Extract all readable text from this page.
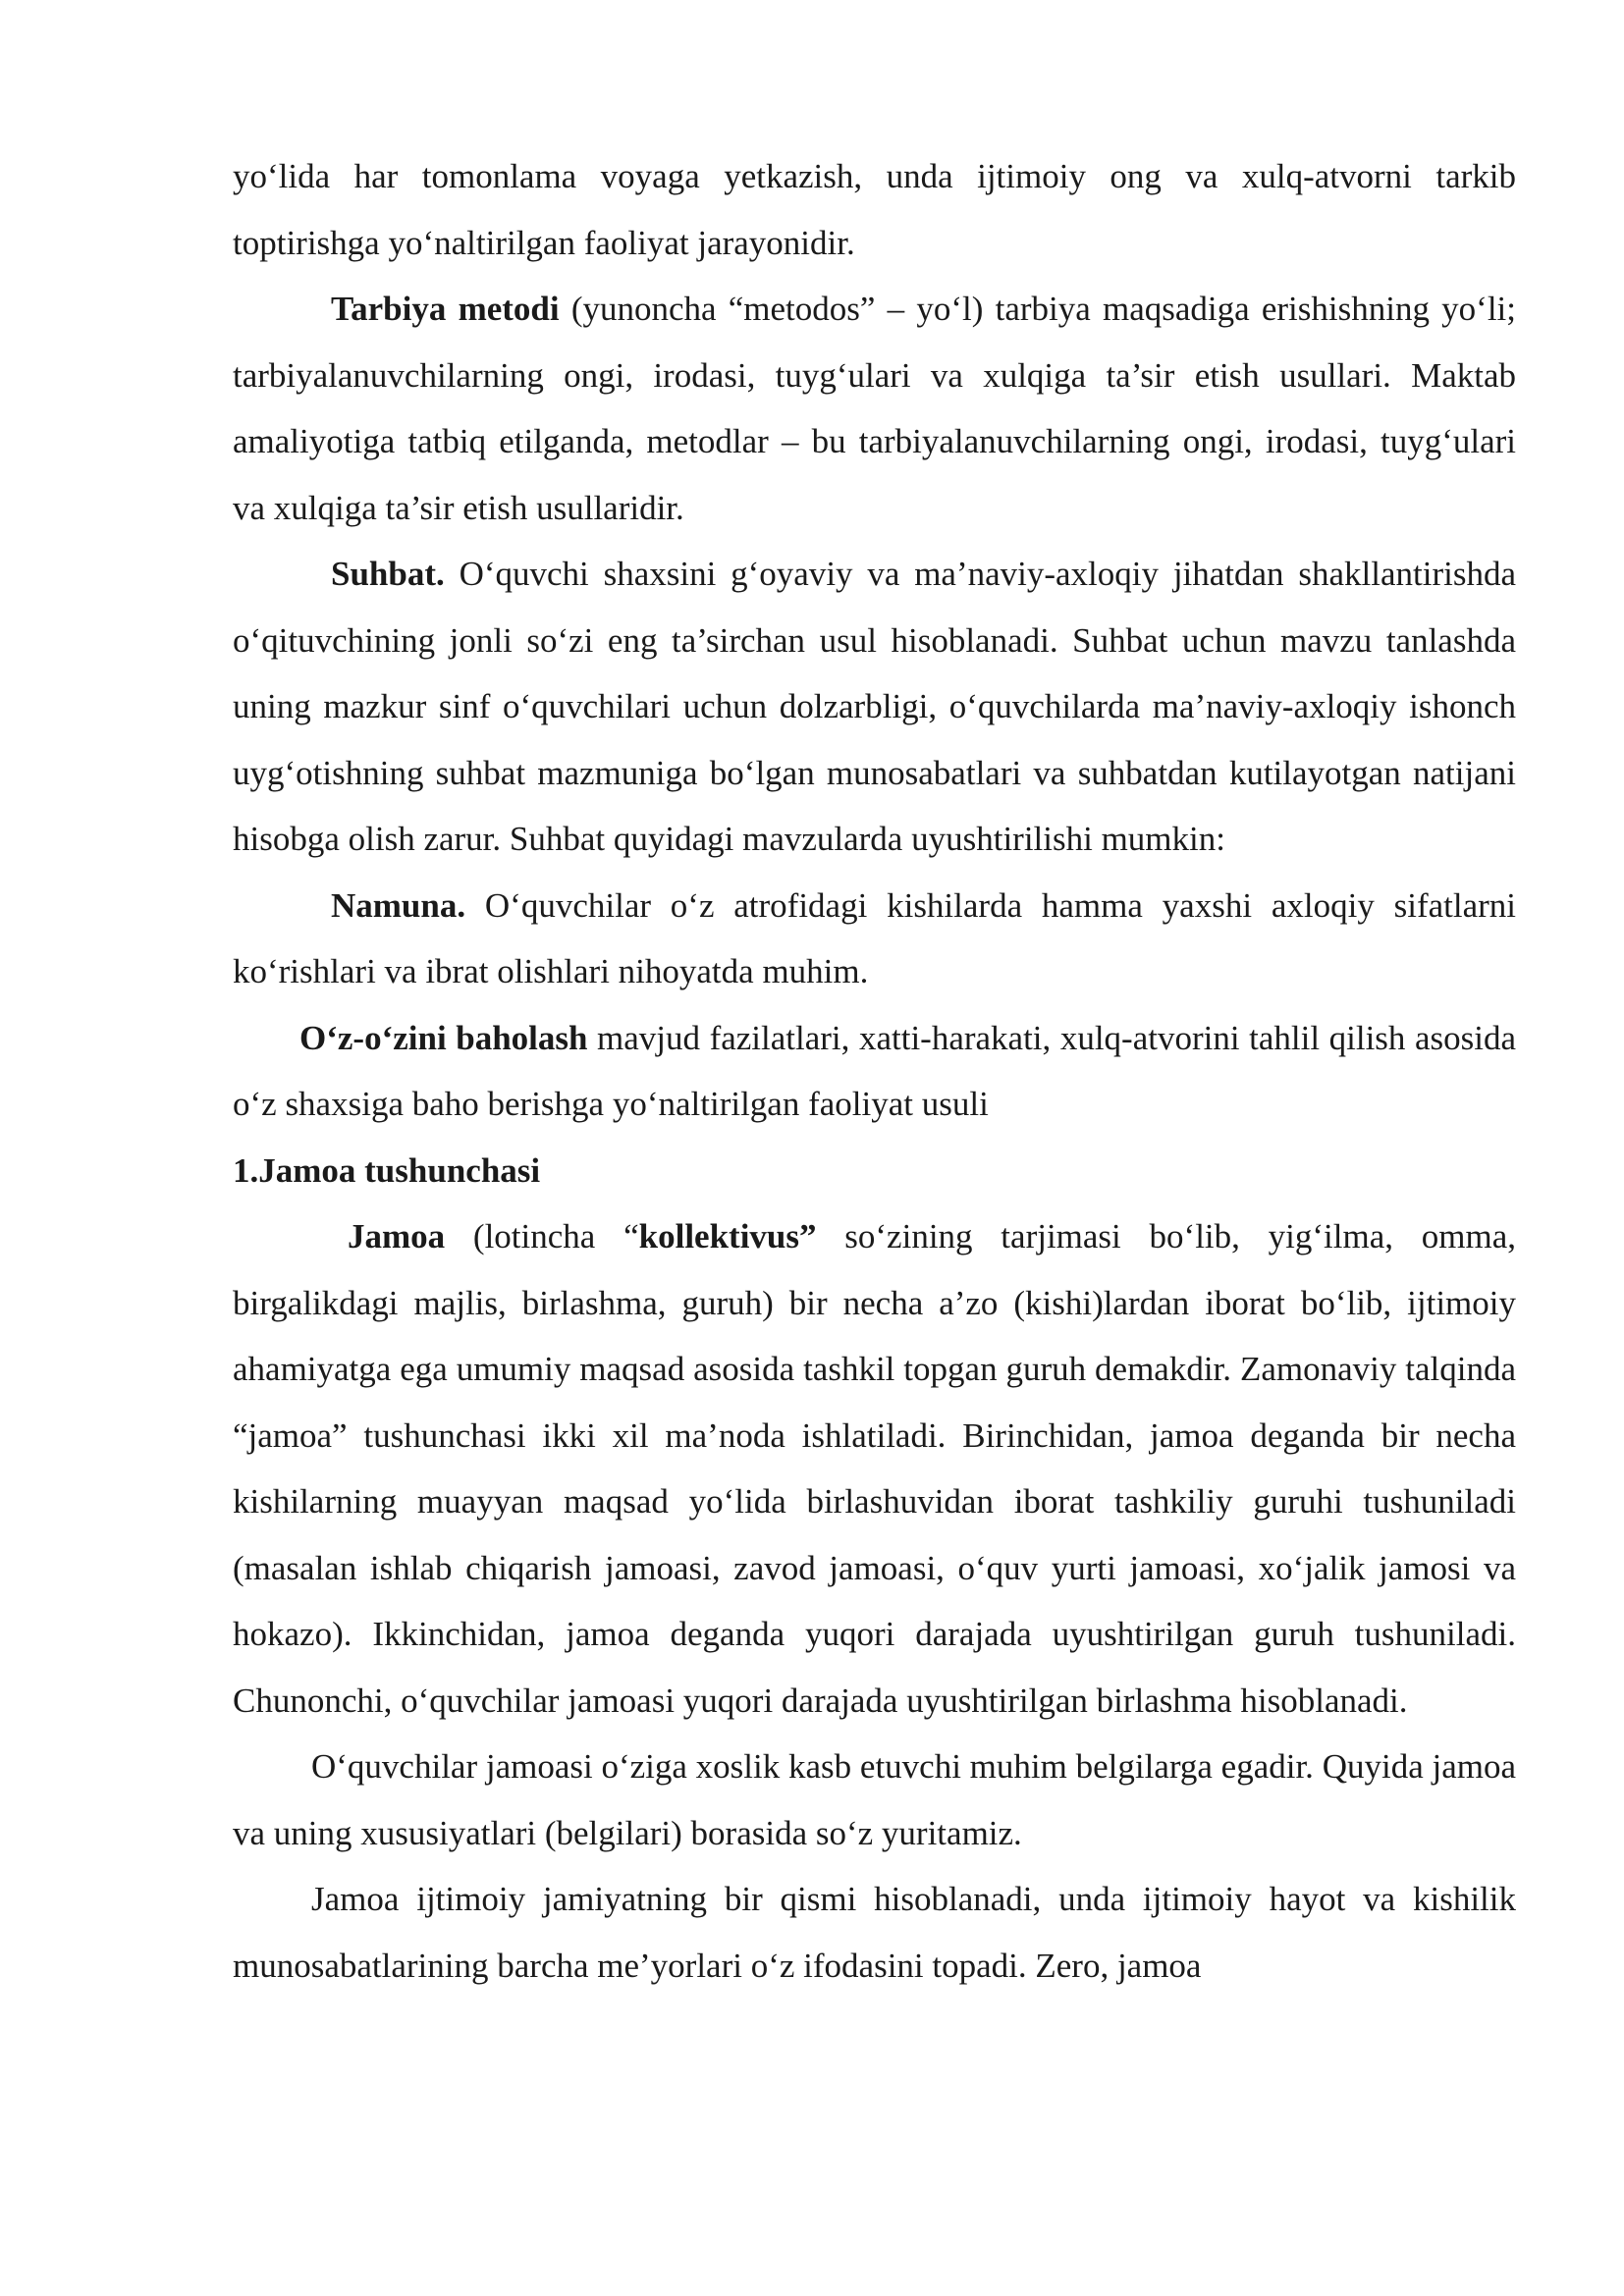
yo‘lida har tomonlama voyaga yetkazish, unda ijtimoiy ong va xulq-atvorni tarkib toptirishga yo‘naltirilgan faoliyat jarayonidir.

Tarbiya metodi (yunoncha “metodos” – yo‘l) tarbiya maqsadiga erishishning yo‘li; tarbiyalanuvchilarning ongi, irodasi, tuyg‘ulari va xulqiga ta’sir etish usullari. Maktab amaliyotiga tatbiq etilganda, metodlar – bu tarbiyalanuvchilarning ongi, irodasi, tuyg‘ulari va xulqiga ta’sir etish usullaridir.

Suhbat. O‘quvchi shaxsini g‘oyaviy va ma’naviy-axloqiy jihatdan shakllantirishda o‘qituvchining jonli so‘zi eng ta’sirchan usul hisoblanadi. Suhbat uchun mavzu tanlashda uning mazkur sinf o‘quvchilari uchun dolzarbligi, o‘quvchilarda ma’naviy-axloqiy ishonch uyg‘otishning suhbat mazmuniga bo‘lgan munosabatlari va suhbatdan kutilayotgan natijani hisobga olish zarur. Suhbat quyidagi mavzularda uyushtirilishi mumkin:

Namuna. O‘quvchilar o‘z atrofidagi kishilarda hamma yaxshi axloqiy sifatlarni ko‘rishlari va ibrat olishlari nihoyatda muhim.

O‘z-o‘zini baholash mavjud fazilatlari, xatti-harakati, xulq-atvorini tahlil qilish asosida o‘z shaxsiga baho berishga yo‘naltirilgan faoliyat usuli

1.Jamoa tushunchasi

Jamoa (lotincha “kollektivus” so‘zining tarjimasi bo‘lib, yig‘ilma, omma, birgalikdagi majlis, birlashma, guruh) bir necha a’zo (kishi)lardan iborat bo‘lib, ijtimoiy ahamiyatga ega umumiy maqsad asosida tashkil topgan guruh demakdir. Zamonaviy talqinda “jamoa” tushunchasi ikki xil ma’noda ishlatiladi. Birinchidan, jamoa deganda bir necha kishilarning muayyan maqsad yo‘lida birlashuvidan iborat tashkiliy guruhi tushuniladi (masalan ishlab chiqarish jamoasi, zavod jamoasi, o‘quv yurti jamoasi, xo‘jalik jamosi va hokazo). Ikkinchidan, jamoa deganda yuqori darajada uyushtirilgan guruh tushuniladi. Chunonchi, o‘quvchilar jamoasi yuqori darajada uyushtirilgan birlashma hisoblanadi.

O‘quvchilar jamoasi o‘ziga xoslik kasb etuvchi muhim belgilarga egadir. Quyida jamoa va uning xususiyatlari (belgilari) borasida so‘z yuritamiz.

Jamoa ijtimoiy jamiyatning bir qismi hisoblanadi, unda ijtimoiy hayot va kishilik munosabatlarining barcha me’yorlari o‘z ifodasini topadi. Zero, jamoa
